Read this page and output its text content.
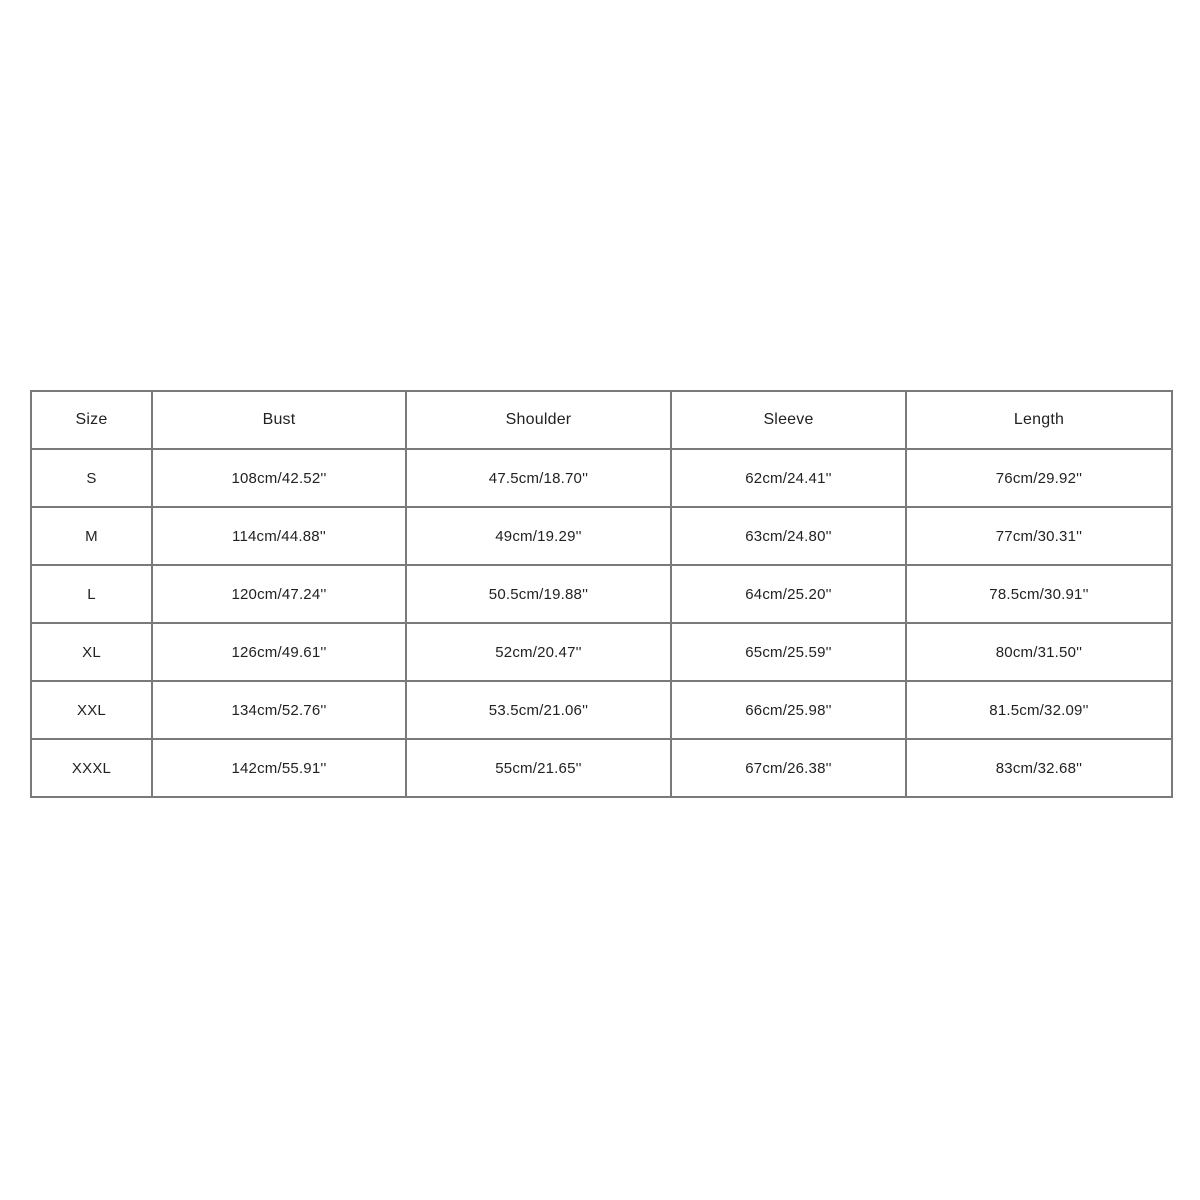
Size	Bust	Shoulder	Sleeve	Length
S	108cm/42.52''	47.5cm/18.70''	62cm/24.41''	76cm/29.92''
M	114cm/44.88''	49cm/19.29''	63cm/24.80''	77cm/30.31''
L	120cm/47.24''	50.5cm/19.88''	64cm/25.20''	78.5cm/30.91''
XL	126cm/49.61''	52cm/20.47''	65cm/25.59''	80cm/31.50''
XXL	134cm/52.76''	53.5cm/21.06''	66cm/25.98''	81.5cm/32.09''
XXXL	142cm/55.91''	55cm/21.65''	67cm/26.38''	83cm/32.68''
